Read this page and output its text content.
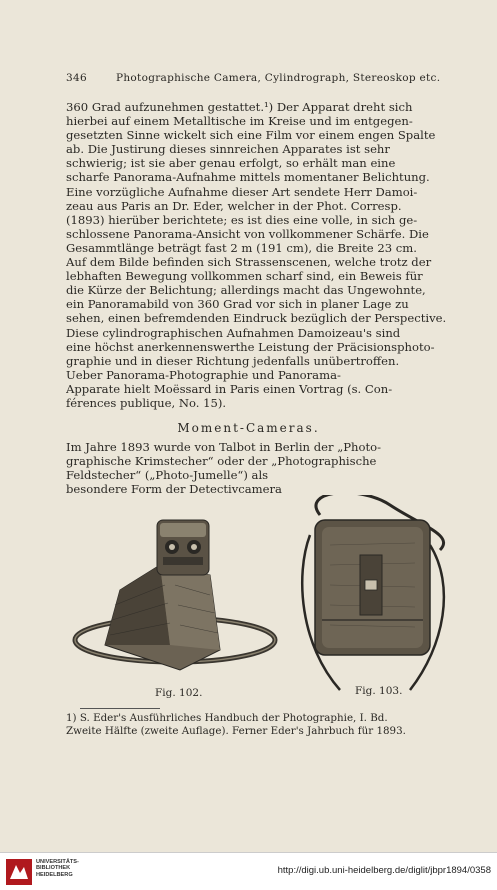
346	Photographische Camera, Cylindrograph, Stereoskop etc.
360 Grad aufzunehmen gestattet.¹) Der Apparat dreht sich
hierbei auf einem Metalltische im Kreise und im entgegen-
gesetzten Sinne wickelt sich eine Film vor einem engen Spalte
ab. Die Justirung dieses sinnreichen Apparates ist sehr
schwierig; ist sie aber genau erfolgt, so erhält man eine
scharfe Panorama-Aufnahme mittels momentaner Belichtung.
Eine vorzügliche Aufnahme dieser Art sendete Herr Damoi-
zeau aus Paris an Dr. Eder, welcher in der Phot. Corresp.
(1893) hierüber berichtete; es ist dies eine volle, in sich ge-
schlossene Panorama-Ansicht von vollkommener Schärfe. Die
Gesammtlänge beträgt fast 2 m (191 cm), die Breite 23 cm.
Auf dem Bilde befinden sich Strassenscenen, welche trotz der
lebhaften Bewegung vollkommen scharf sind, ein Beweis für
die Kürze der Belichtung; allerdings macht das Ungewohnte,
ein Panoramabild von 360 Grad vor sich in planer Lage zu
sehen, einen befremdenden Eindruck bezüglich der Perspective.
Diese cylindrographischen Aufnahmen Damoizeau's sind
eine höchst anerkennenswerthe Leistung der Präcisionsphoto-
graphie und in dieser Richtung jedenfalls unübertroffen.
Ueber Panorama-Photographie und Panorama-
Apparate hielt Moëssard in Paris einen Vortrag (s. Con-
férences publique, No. 15).
Moment-Cameras.
Im Jahre 1893 wurde von Talbot in Berlin der „Photo-
graphische Krimstecher“ oder der „Photographische
Feldstecher“ („Photo-Jumelle“) als
besondere Form der Detectivcamera
Fig. 102.	Fig. 103.
1) S. Eder's Ausführliches Handbuch der Photographie, I. Bd.
Zweite Hälfte (zweite Auflage). Ferner Eder's Jahrbuch für 1893.
UNIVERSITÄTS-
BIBLIOTHEK
HEIDELBERG	http://digi.ub.uni-heidelberg.de/diglit/jbpr1894/0358
